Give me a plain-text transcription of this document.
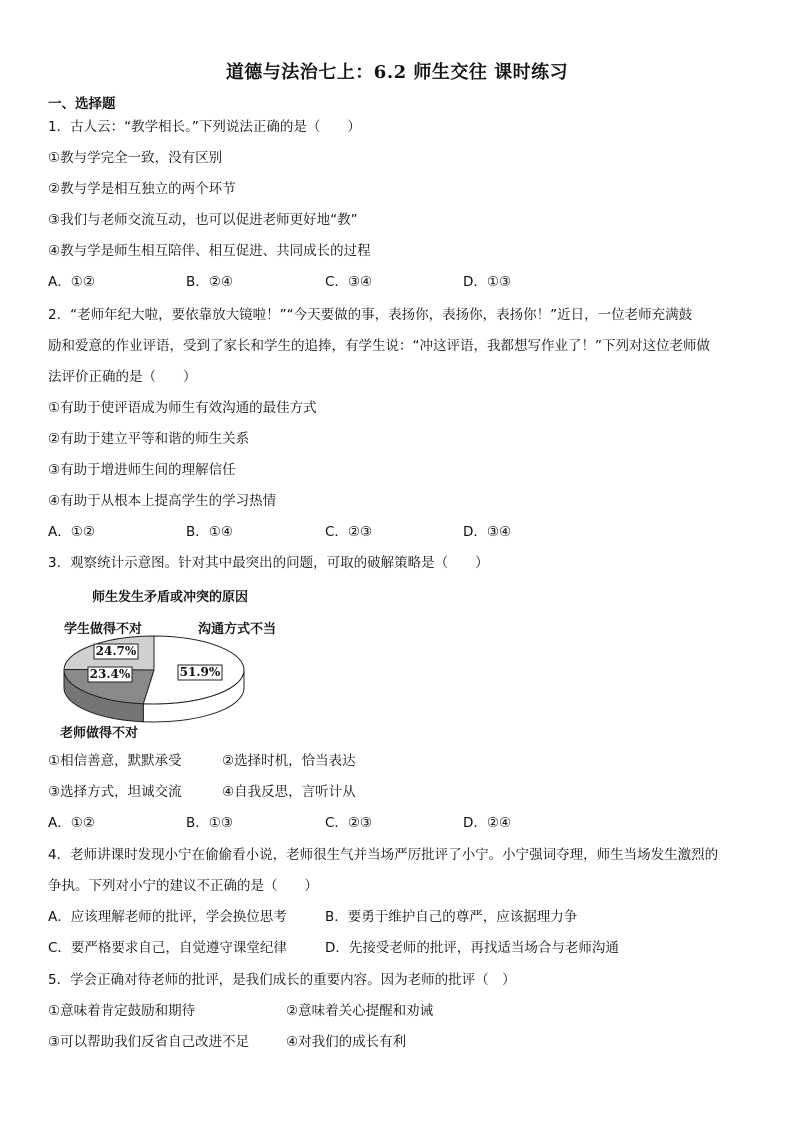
道德与法治七上：6.2 师生交往 课时练习
一、选择题
1．古人云：“教学相长。”下列说法正确的是（　　）
①教与学完全一致，没有区别
②教与学是相互独立的两个环节
③我们与老师交流互动，也可以促进老师更好地“教”
④教与学是师生相互陪伴、相互促进、共同成长的过程
A．①②	B．②④	C．③④	D．①③
2．“老师年纪大啦，要依靠放大镜啦！”“今天要做的事，表扬你，表扬你，表扬你！”近日，一位老师充满鼓
励和爱意的作业评语，受到了家长和学生的追捧，有学生说：“冲这评语，我都想写作业了！”下列对这位老师做
法评价正确的是（　　）
①有助于使评语成为师生有效沟通的最佳方式
②有助于建立平等和谐的师生关系
③有助于增进师生间的理解信任
④有助于从根本上提高学生的学习热情
A．①②	B．①④	C．②③	D．③④
3．观察统计示意图。针对其中最突出的问题，可取的破解策略是（　　）
师生发生矛盾或冲突的原因
学生做得不对	沟通方式不当
老师做得不对
51.9%
23.4%
24.7%
①相信善意，默默承受	②选择时机，恰当表达
③选择方式，坦诚交流	④自我反思，言听计从
A．①②	B．①③	C．②③	D．②④
4．老师讲课时发现小宁在偷偷看小说，老师很生气并当场严厉批评了小宁。小宁强词夺理，师生当场发生激烈的
争执。下列对小宁的建议不正确的是（　　）
A．应该理解老师的批评，学会换位思考	B．要勇于维护自己的尊严，应该据理力争
C．要严格要求自己，自觉遵守课堂纪律	D．先接受老师的批评，再找适当场合与老师沟通
5．学会正确对待老师的批评，是我们成长的重要内容。因为老师的批评（　）
①意味着肯定鼓励和期待	②意味着关心提醒和劝诫
③可以帮助我们反省自己改进不足	④对我们的成长有利
